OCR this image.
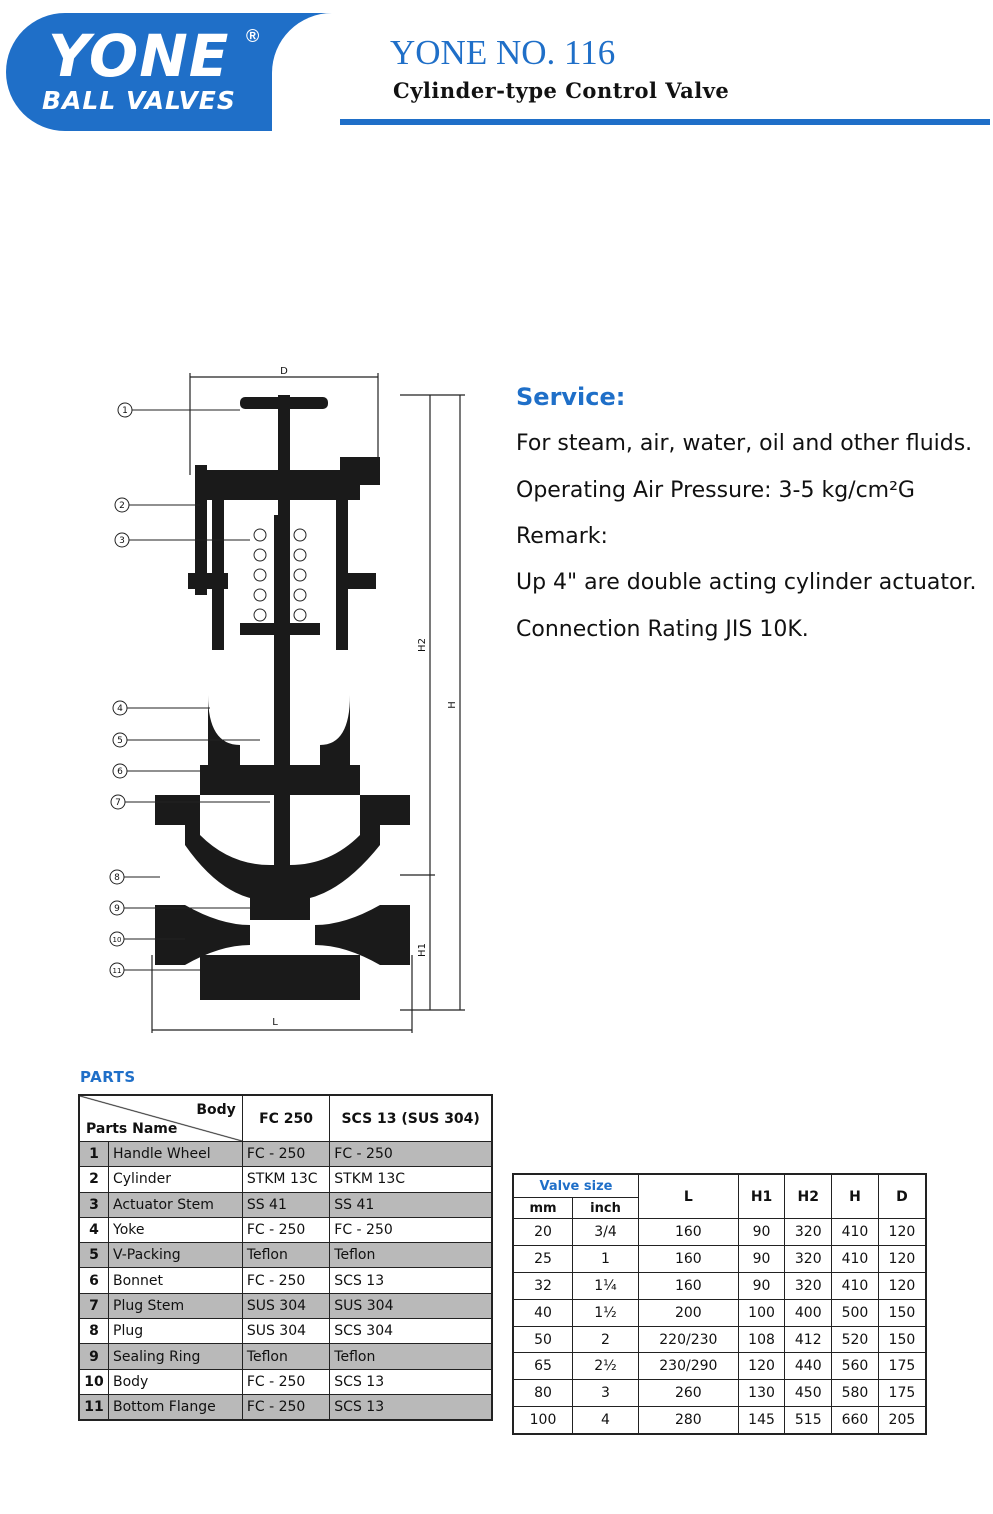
YONE ®
BALL VALVES
YONE NO. 116
Cylinder-type Control Valve
1
2
3
4
5
6
7
8
9
10
11
D
L
H2
H
H1
Service:
For steam, air, water, oil and other fluids.
Operating Air Pressure: 3-5 kg/cm²G
Remark:
Up 4" are double acting cylinder actuator.
Connection Rating JIS 10K.
PARTS
Body
Parts Name		FC 250	SCS 13 (SUS 304)
1	Handle Wheel	FC - 250	FC - 250
2	Cylinder	STKM 13C	STKM 13C
3	Actuator Stem	SS 41	SS 41
4	Yoke	FC - 250	FC - 250
5	V-Packing	Teflon	Teflon
6	Bonnet	FC - 250	SCS 13
7	Plug Stem	SUS 304	SUS 304
8	Plug	SUS 304	SCS 304
9	Sealing Ring	Teflon	Teflon
10	Body	FC - 250	SCS 13
11	Bottom Flange	FC - 250	SCS 13
Valve size		L	H1	H2	H	D
mm	inch					
20	3/4	160	90	320	410	120
25	1	160	90	320	410	120
32	1¼	160	90	320	410	120
40	1½	200	100	400	500	150
50	2	220/230	108	412	520	150
65	2½	230/290	120	440	560	175
80	3	260	130	450	580	175
100	4	280	145	515	660	205
